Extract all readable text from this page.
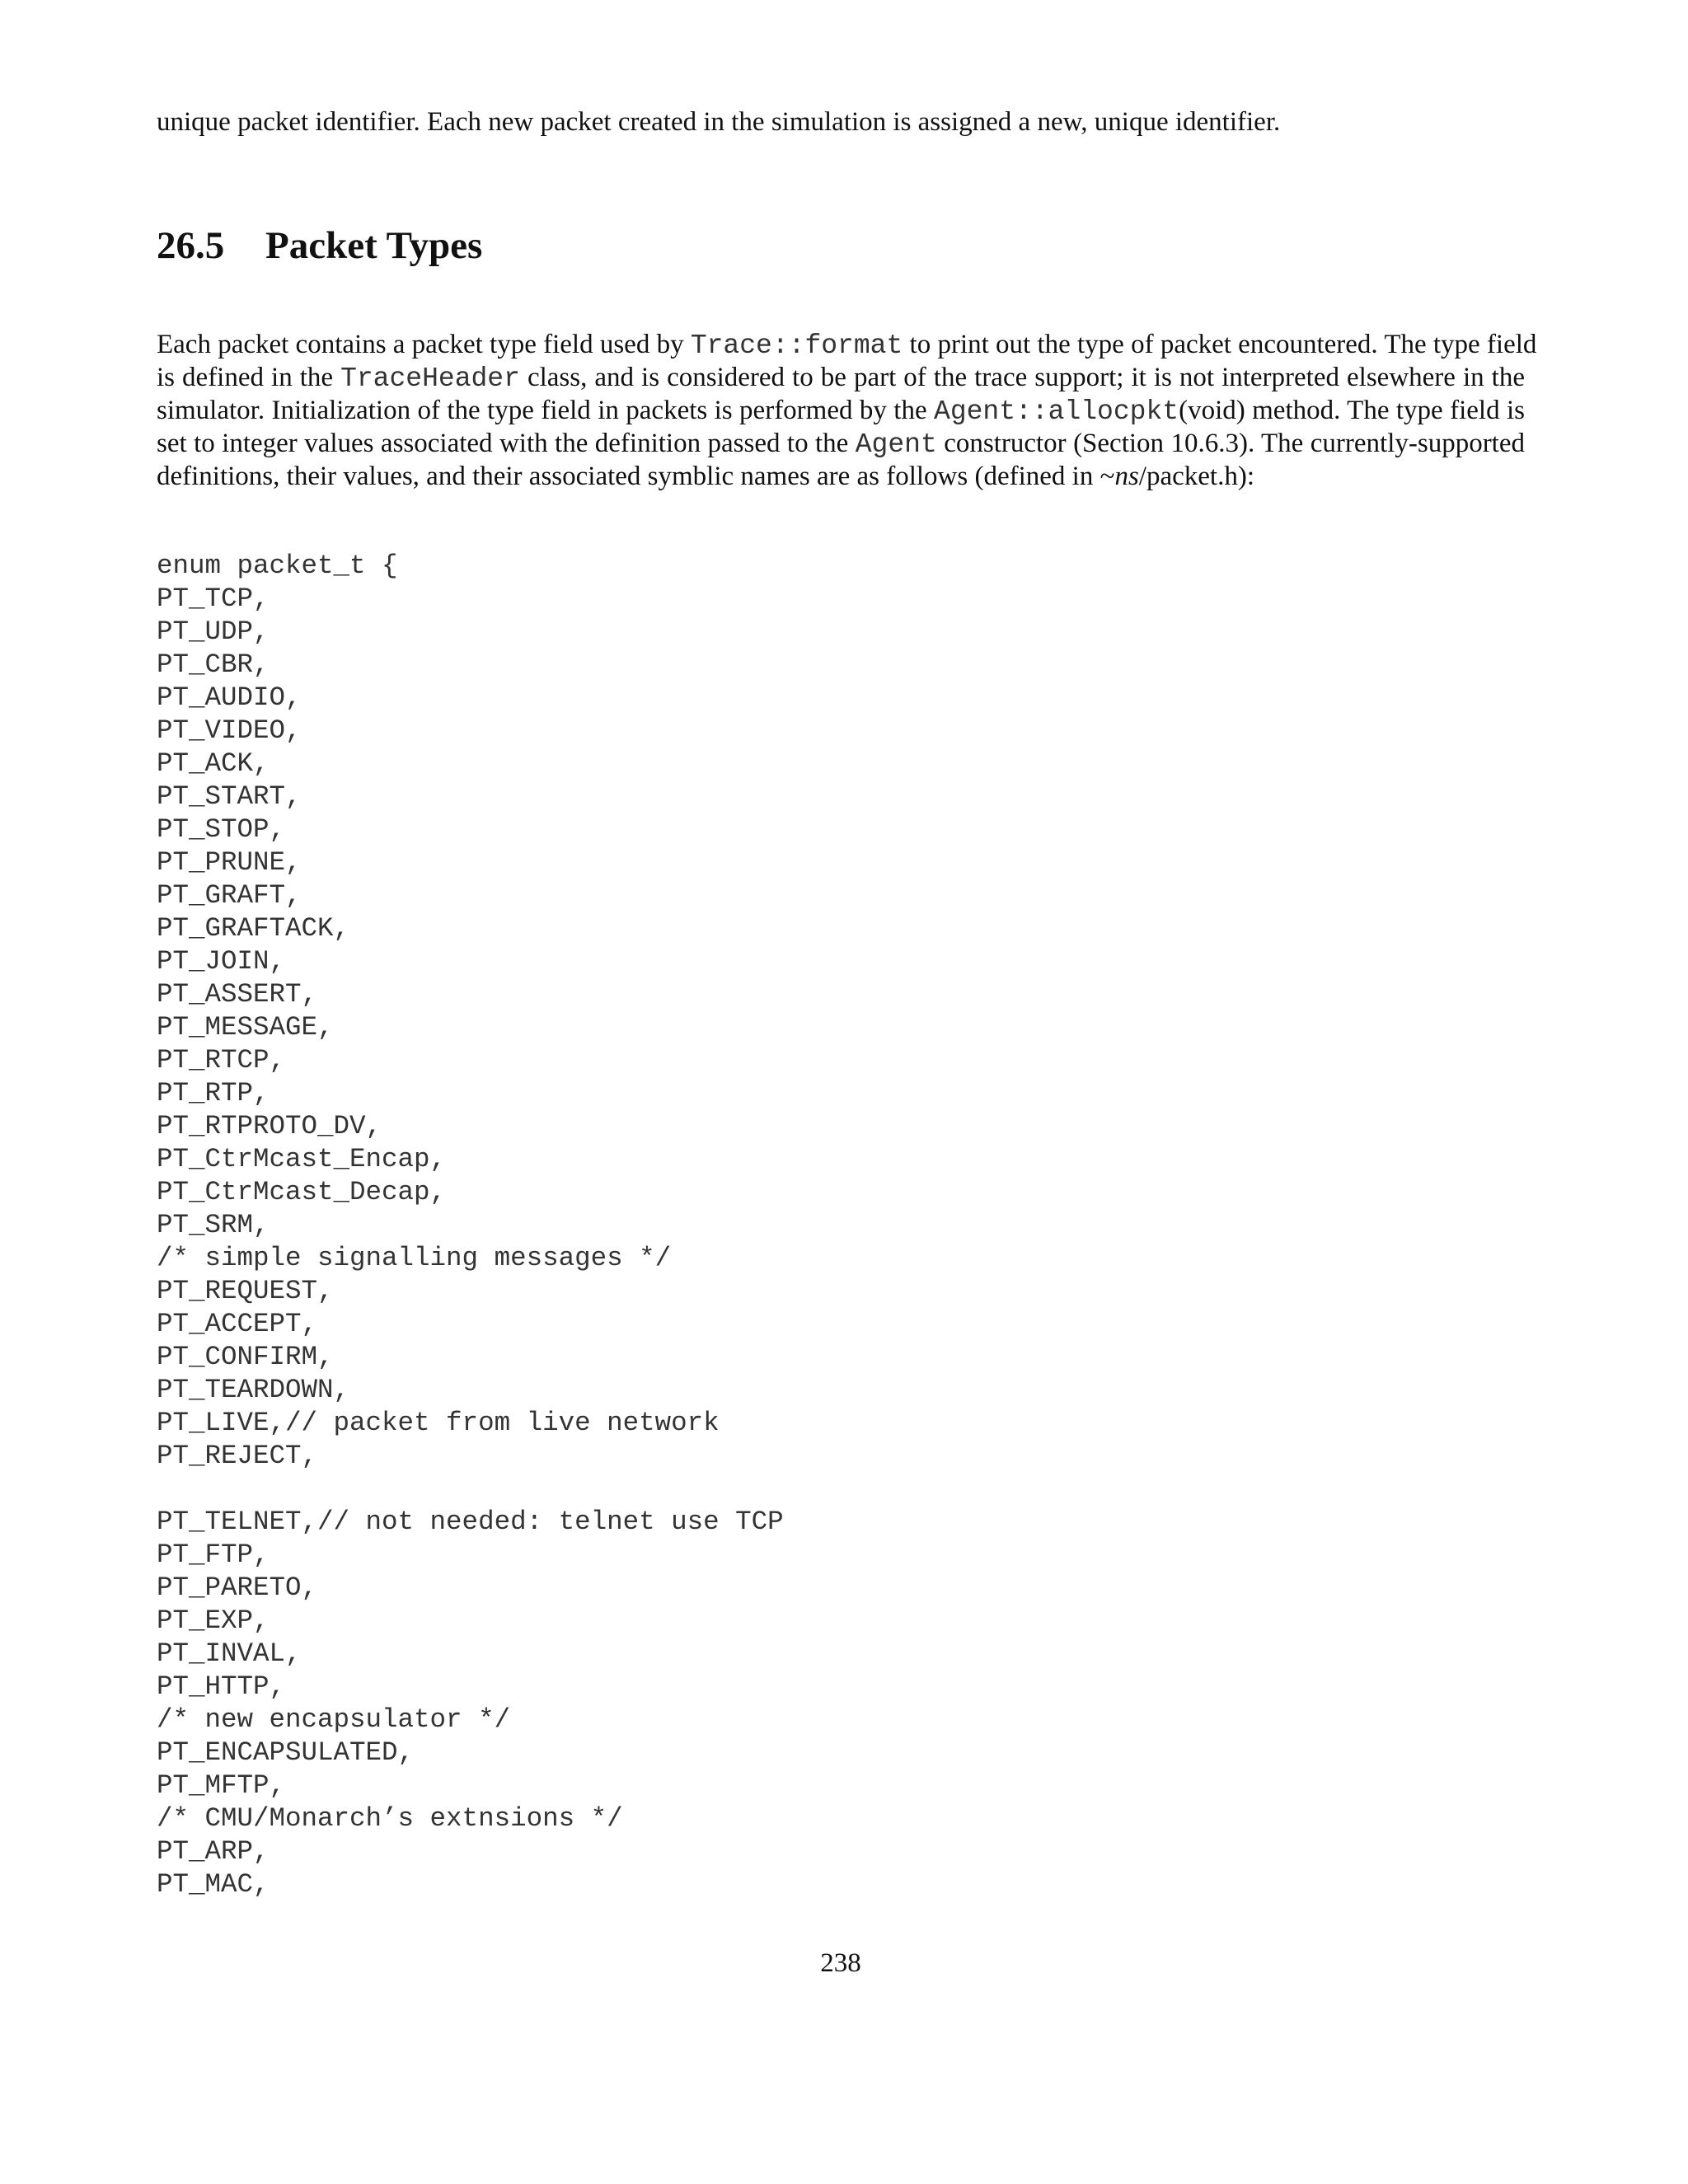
unique packet identifier. Each new packet created in the simulation is assigned a new, unique identifier.
26.5 Packet Types
Each packet contains a packet type field used by Trace::format to print out the type of packet encountered. The type field
is defined in the TraceHeader class, and is considered to be part of the trace support; it is not interpreted elsewhere in the
simulator. Initialization of the type field in packets is performed by the Agent::allocpkt(void) method. The type field is
set to integer values associated with the definition passed to the Agent constructor (Section 10.6.3). The currently-supported
definitions, their values, and their associated symblic names are as follows (defined in ~ns/packet.h):
enum packet_t {
PT_TCP,
PT_UDP,
PT_CBR,
PT_AUDIO,
PT_VIDEO,
PT_ACK,
PT_START,
PT_STOP,
PT_PRUNE,
PT_GRAFT,
PT_GRAFTACK,
PT_JOIN,
PT_ASSERT,
PT_MESSAGE,
PT_RTCP,
PT_RTP,
PT_RTPROTO_DV,
PT_CtrMcast_Encap,
PT_CtrMcast_Decap,
PT_SRM,
/* simple signalling messages */
PT_REQUEST,
PT_ACCEPT,
PT_CONFIRM,
PT_TEARDOWN,
PT_LIVE,// packet from live network
PT_REJECT,
PT_TELNET,// not needed: telnet use TCP
PT_FTP,
PT_PARETO,
PT_EXP,
PT_INVAL,
PT_HTTP,
/* new encapsulator */
PT_ENCAPSULATED,
PT_MFTP,
/* CMU/Monarch’s extnsions */
PT_ARP,
PT_MAC,
238
